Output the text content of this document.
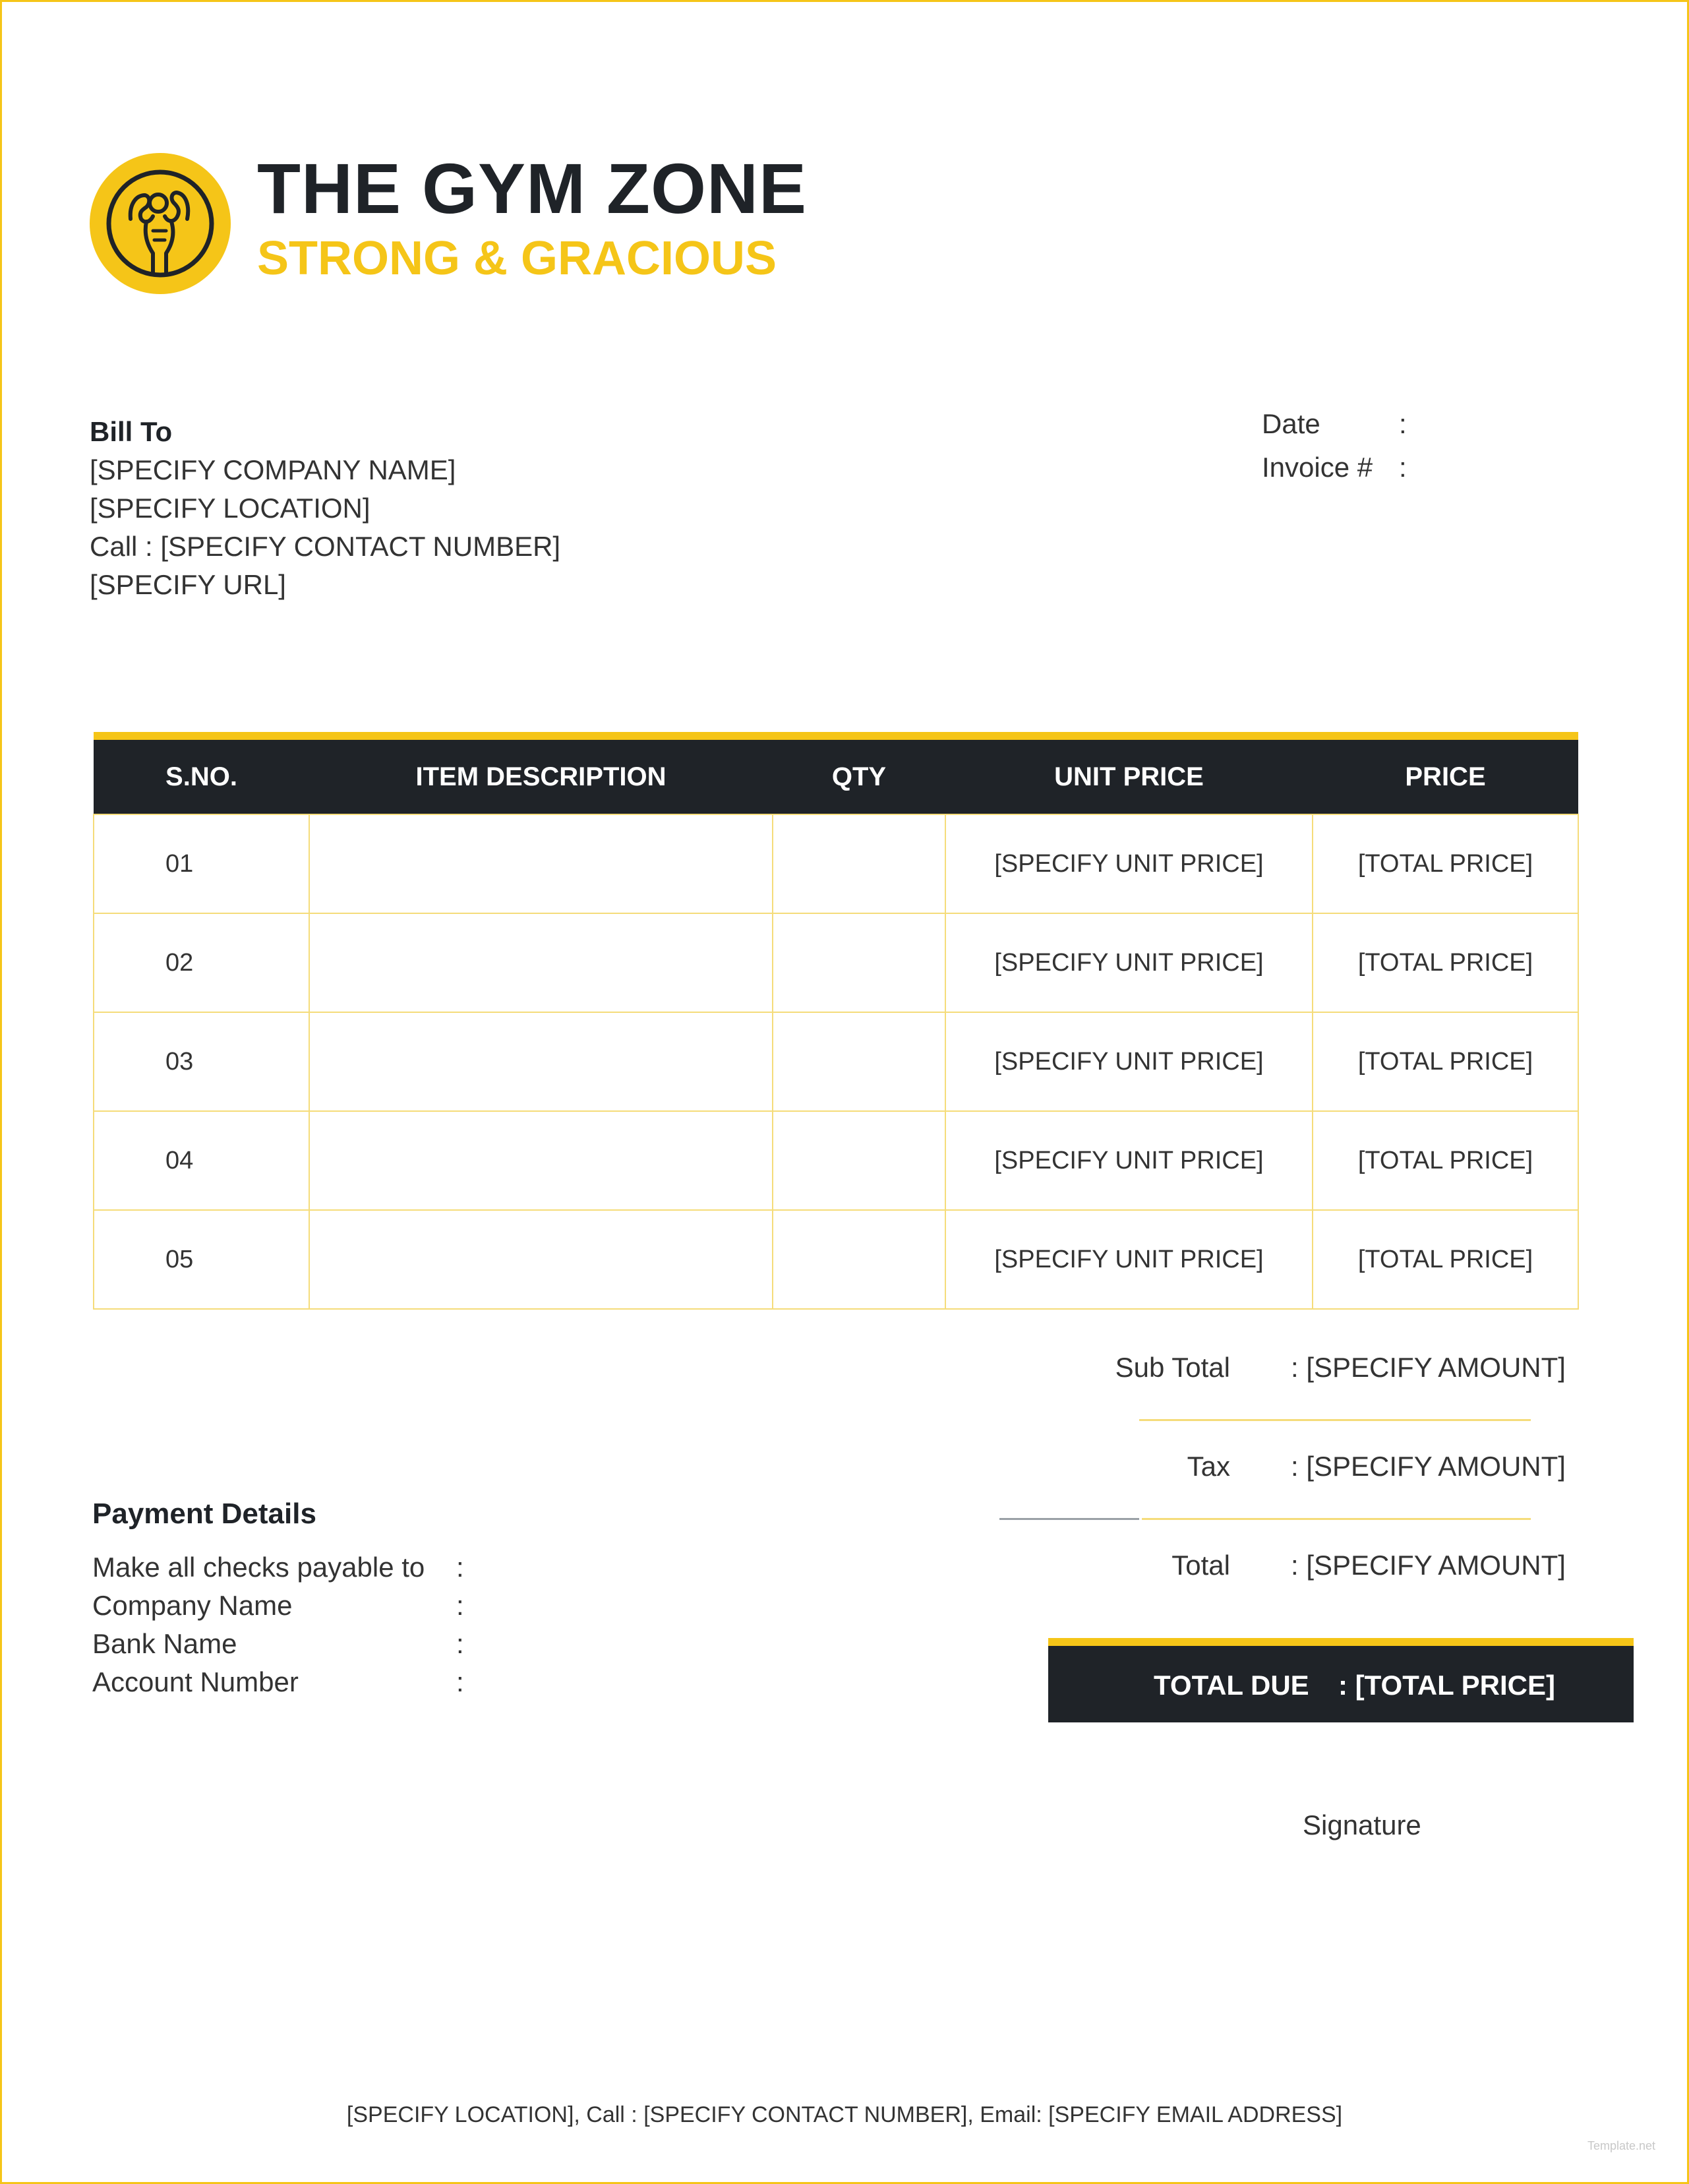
THE GYM ZONE
STRONG & GRACIOUS
Bill To
[SPECIFY COMPANY NAME]
[SPECIFY LOCATION]
Call : [SPECIFY CONTACT NUMBER]
[SPECIFY URL]
Date	:
Invoice # :
S.NO.	ITEM DESCRIPTION	QTY	UNIT PRICE	PRICE
01			[SPECIFY UNIT PRICE]	[TOTAL PRICE]
02			[SPECIFY UNIT PRICE]	[TOTAL PRICE]
03			[SPECIFY UNIT PRICE]	[TOTAL PRICE]
04			[SPECIFY UNIT PRICE]	[TOTAL PRICE]
05			[SPECIFY UNIT PRICE]	[TOTAL PRICE]
Sub Total : [SPECIFY AMOUNT]
Tax : [SPECIFY AMOUNT]
Total : [SPECIFY AMOUNT]
TOTAL DUE : [TOTAL PRICE]
Payment Details
Make all checks payable to	:
Company Name	:
Bank Name	:
Account Number	:
Signature
[SPECIFY LOCATION], Call : [SPECIFY CONTACT NUMBER], Email: [SPECIFY EMAIL ADDRESS]
Template.net
